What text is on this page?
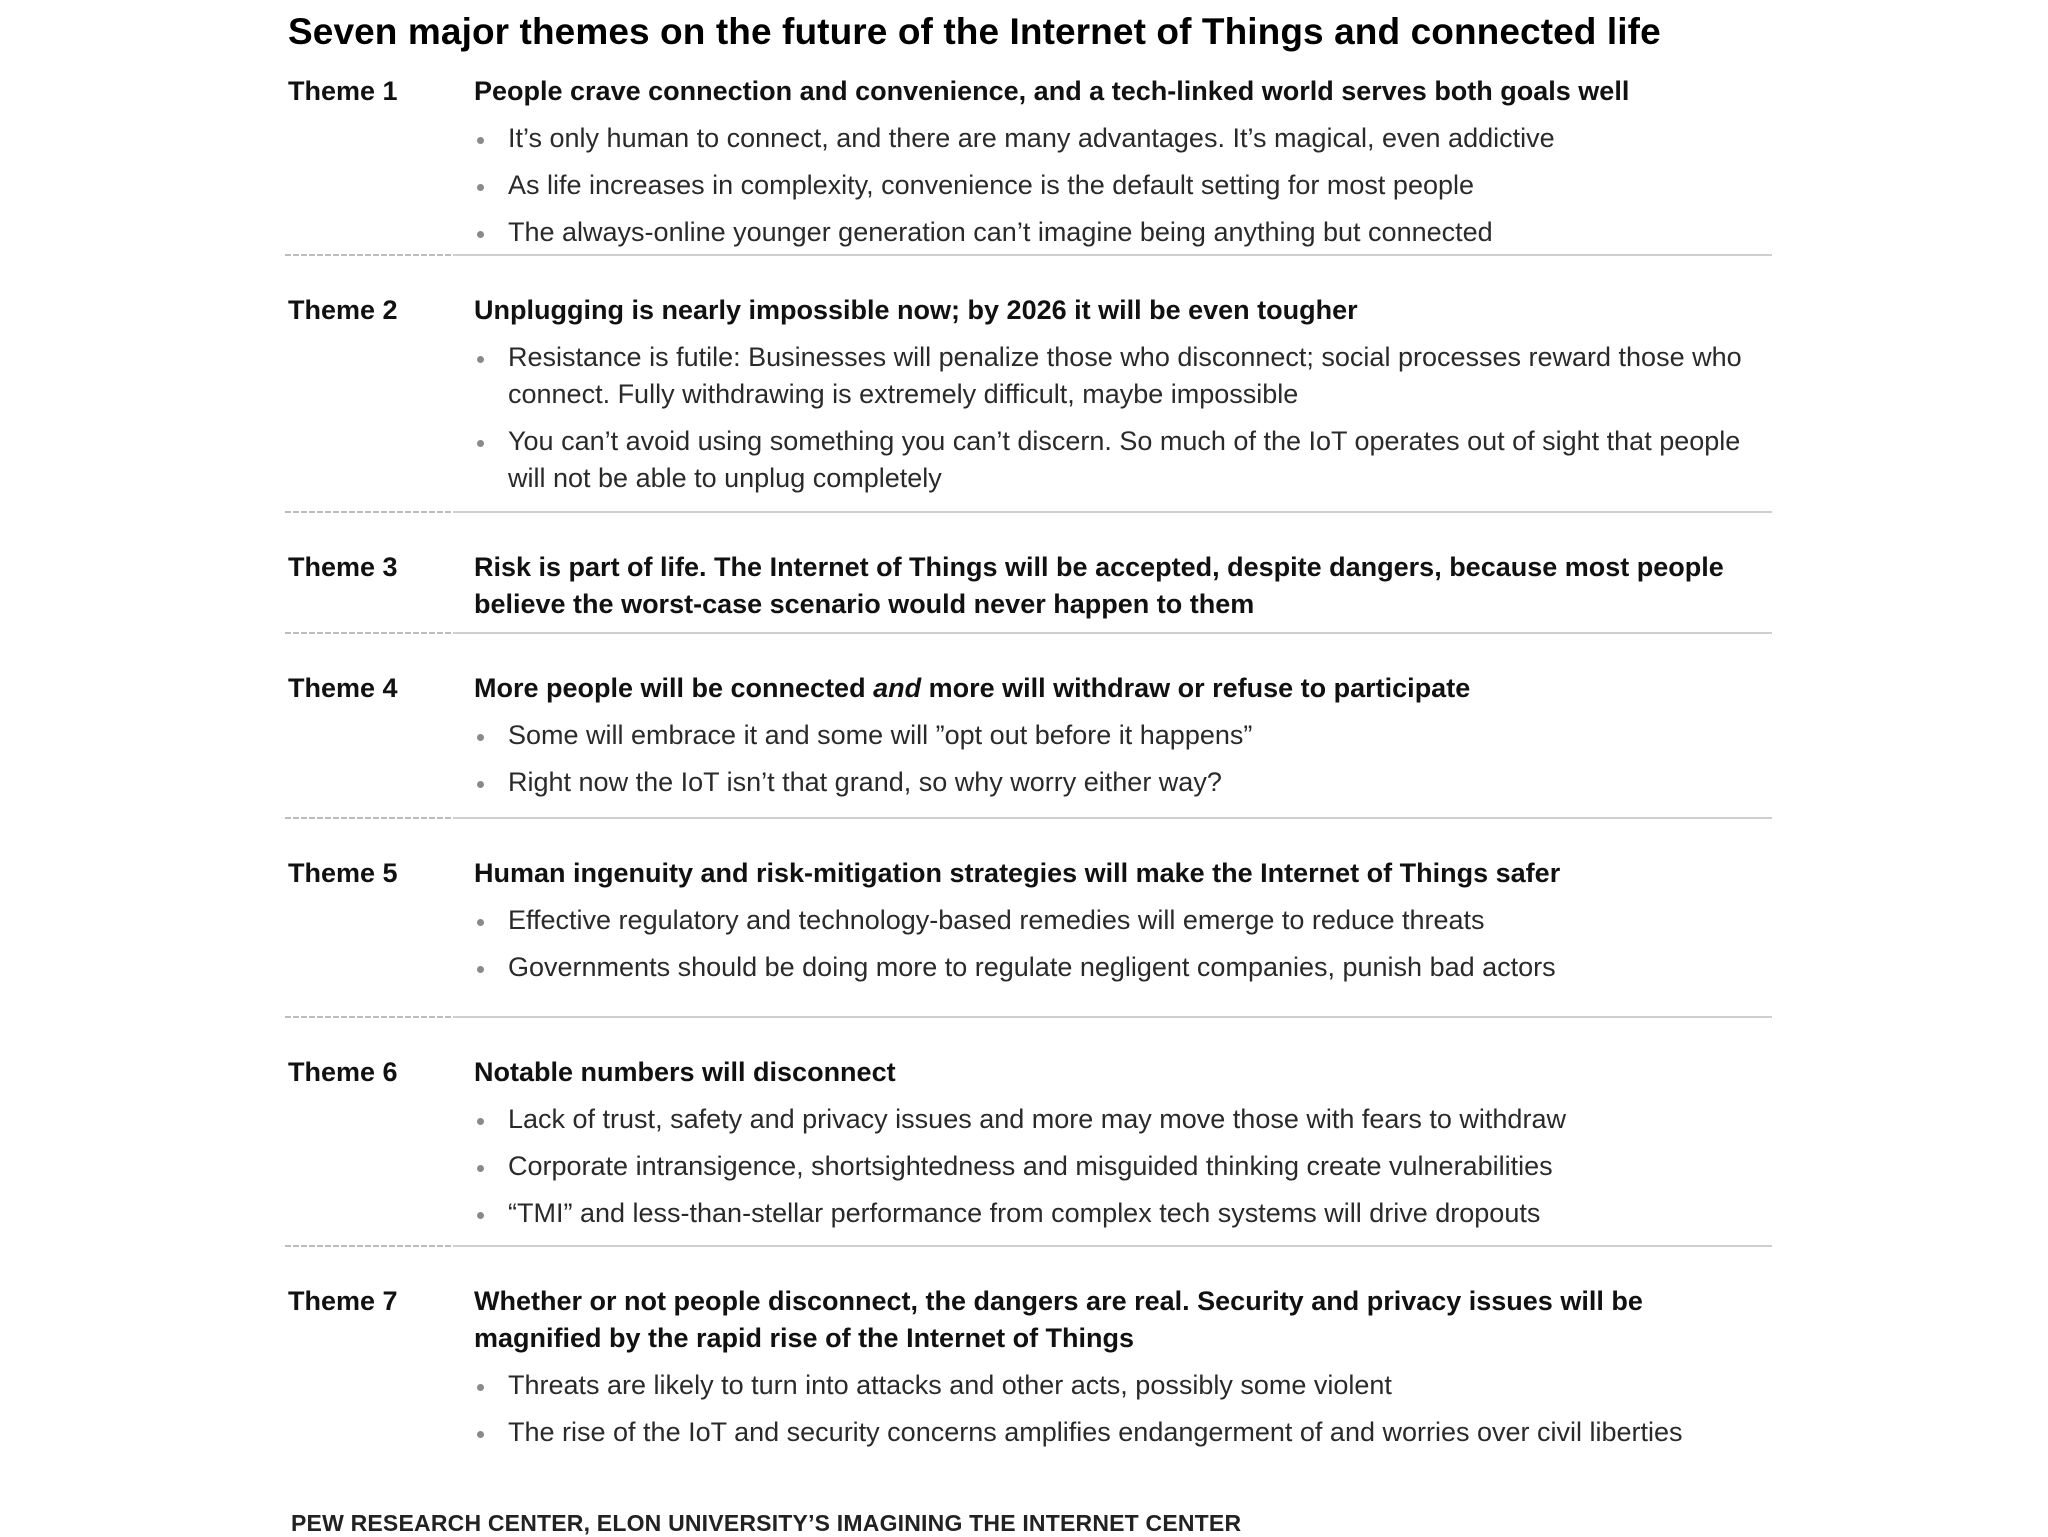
Seven major themes on the future of the Internet of Things and connected life
Theme 1	People crave connection and convenience, and a tech-linked world serves both goals well

It’s only human to connect, and there are many advantages. It’s magical, even addictive
As life increases in complexity, convenience is the default setting for most people
The always-online younger generation can’t imagine being anything but connected
Theme 2	Unplugging is nearly impossible now; by 2026 it will be even tougher

Resistance is futile: Businesses will penalize those who disconnect; social processes reward those who connect. Fully withdrawing is extremely difficult, maybe impossible
You can’t avoid using something you can’t discern. So much of the IoT operates out of sight that people will not be able to unplug completely
Theme 3	Risk is part of life. The Internet of Things will be accepted, despite dangers, because most people believe the worst-case scenario would never happen to them

Theme 4	More people will be connected and more will withdraw or refuse to participate

Some will embrace it and some will ”opt out before it happens”
Right now the IoT isn’t that grand, so why worry either way?
Theme 5	Human ingenuity and risk-mitigation strategies will make the Internet of Things safer

Effective regulatory and technology-based remedies will emerge to reduce threats
Governments should be doing more to regulate negligent companies, punish bad actors
Theme 6	Notable numbers will disconnect

Lack of trust, safety and privacy issues and more may move those with fears to withdraw
Corporate intransigence, shortsightedness and misguided thinking create vulnerabilities
“TMI” and less-than-stellar performance from complex tech systems will drive dropouts
Theme 7	Whether or not people disconnect, the dangers are real. Security and privacy issues will be magnified by the rapid rise of the Internet of Things

Threats are likely to turn into attacks and other acts, possibly some violent
The rise of the IoT and security concerns amplifies endangerment of and worries over civil liberties
PEW RESEARCH CENTER, ELON UNIVERSITY’S IMAGINING THE INTERNET CENTER
